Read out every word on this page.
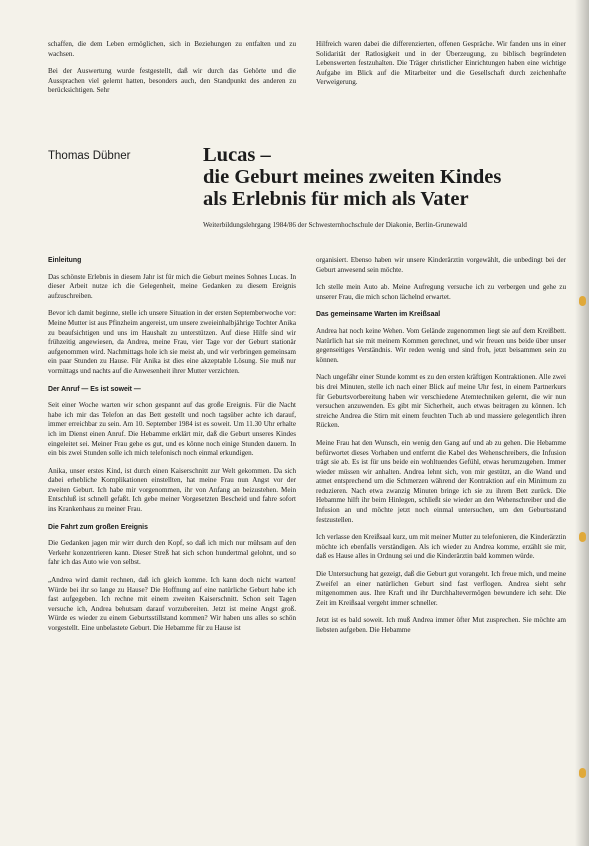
schaffen, die dem Leben ermöglichen, sich in Beziehungen zu entfalten und zu wachsen.

Bei der Auswertung wurde festgestellt, daß wir durch das Gehörte und die Aussprachen viel gelernt hatten, besonders auch, den Standpunkt des anderen zu berücksichtigen. Sehr

Hilfreich waren dabei die differenzierten, offenen Gespräche. Wir fanden uns in einer Solidarität der Ratlosigkeit und in der Überzeugung, zu biblisch begründeten Lebenswerten festzuhalten. Die Träger christlicher Einrichtungen haben eine wichtige Aufgabe im Blick auf die Mitarbeiter und die Gesellschaft durch zeichenhafte Verweigerung.

Thomas Dübner	Lucas –
die Geburt meines zweiten Kindes
als Erlebnis für mich als Vater
Weiterbildungslehrgang 1984/86 der Schwesternhochschule der Diakonie, Berlin-Grunewald
Einleitung

Das schönste Erlebnis in diesem Jahr ist für mich die Geburt meines Sohnes Lucas. In dieser Arbeit nutze ich die Gelegenheit, meine Gedanken zu diesem Ereignis aufzuschreiben.

Bevor ich damit beginne, stelle ich unsere Situation in der ersten Septemberwoche vor: Meine Mutter ist aus Pfinzheim angereist, um unsere zweieinhalbjährige Tochter Anika zu beaufsichtigen und uns im Haushalt zu unterstützen. Auf diese Hilfe sind wir frühzeitig angewiesen, da Andrea, meine Frau, vier Tage vor der Geburt stationär aufgenommen wird. Nachmittags hole ich sie meist ab, und wir verbringen gemeinsam ein paar Stunden zu Hause. Für Anika ist dies eine akzeptable Lösung. Sie muß nur vormittags und nachts auf die Anwesenheit ihrer Mutter verzichten.

Der Anruf — Es ist soweit —

Seit einer Woche warten wir schon gespannt auf das große Ereignis. Für die Nacht habe ich mir das Telefon an das Bett gestellt und noch tagsüber achte ich darauf, immer erreichbar zu sein. Am 10. September 1984 ist es soweit. Um 11.30 Uhr erhalte ich im Dienst einen Anruf. Die Hebamme erklärt mir, daß die Geburt unseres Kindes eingeleitet sei. Meiner Frau gehe es gut, und es könne noch einige Stunden dauern. In ein bis zwei Stunden solle ich mich telefonisch noch einmal erkundigen.

Anika, unser erstes Kind, ist durch einen Kaiserschnitt zur Welt gekommen. Da sich dabei erhebliche Komplikationen einstellten, hat meine Frau nun Angst vor der zweiten Geburt. Ich habe mir vorgenommen, ihr von Anfang an beizustehen. Mein Entschluß ist schnell gefaßt. Ich gebe meiner Vorgesetzten Bescheid und fahre sofort ins Krankenhaus zu meiner Frau.

Die Fahrt zum großen Ereignis

Die Gedanken jagen mir wirr durch den Kopf, so daß ich mich nur mühsam auf den Verkehr konzentrieren kann. Dieser Streß hat sich schon hundertmal gelohnt, und so fahr ich das Auto wie von selbst.

„Andrea wird damit rechnen, daß ich gleich komme. Ich kann doch nicht warten! Würde bei ihr so lange zu Hause? Die Hoffnung auf eine natürliche Geburt habe ich fast aufgegeben. Ich rechne mit einem zweiten Kaiserschnitt. Schon seit Tagen versuche ich, Andrea behutsam darauf vorzubereiten. Jetzt ist meine Angst groß. Würde es wieder zu einem Geburtsstillstand kommen? Wir haben uns alles so schön vorgestellt. Eine unbelastete Geburt. Die Hebamme für zu Hause ist

organisiert. Ebenso haben wir unsere Kinderärztin vorgewählt, die unbedingt bei der Geburt anwesend sein möchte.

Ich stelle mein Auto ab. Meine Aufregung versuche ich zu verbergen und gehe zu unserer Frau, die mich schon lächelnd erwartet.

Das gemeinsame Warten im Kreißsaal

Andrea hat noch keine Wehen. Vom Gelände zugenommen liegt sie auf dem Kreißbett. Natürlich hat sie mit meinem Kommen gerechnet, und wir freuen uns beide über unser gegenseitiges Verständnis. Wir reden wenig und sind froh, jetzt beisammen sein zu können.

Nach ungefähr einer Stunde kommt es zu den ersten kräftigen Kontraktionen. Alle zwei bis drei Minuten, stelle ich nach einer Blick auf meine Uhr fest, in einem Partnerkurs für Geburtsvorbereitung haben wir verschiedene Atemtechniken gelernt, die wir nun versuchen anzuwenden. Es gibt mir Sicherheit, auch etwas beitragen zu können. Ich streiche Andrea die Stirn mit einem feuchten Tuch ab und massiere gelegentlich ihren Rücken.

Meine Frau hat den Wunsch, ein wenig den Gang auf und ab zu gehen. Die Hebamme befürwortet dieses Vorhaben und entfernt die Kabel des Wehenschreibers, die Infusion trägt sie ab. Es ist für uns beide ein wohltuendes Gefühl, etwas herumzugehen. Immer wieder müssen wir anhalten. Andrea lehnt sich, von mir gestützt, an die Wand und atmet entsprechend um die Schmerzen während der Kontraktion auf ein Minimum zu reduzieren. Nach etwa zwanzig Minuten bringe ich sie zu ihrem Bett zurück. Die Hebamme hilft ihr beim Hinlegen, schließt sie wieder an den Wehenschreiber und die Infusion an und möchte jetzt noch einmal untersuchen, um den Geburtsstand festzustellen.

Ich verlasse den Kreißsaal kurz, um mit meiner Mutter zu telefonieren, die Kinderärztin möchte ich ebenfalls verständigen. Als ich wieder zu Andrea komme, erzählt sie mir, daß es Hause alles in Ordnung sei und die Kinderärztin bald kommen würde.

Die Untersuchung hat gezeigt, daß die Geburt gut vorangeht. Ich freue mich, und meine Zweifel an einer natürlichen Geburt sind fast verflogen. Andrea sieht sehr mitgenommen aus. Ihre Kraft und ihr Durchhaltevermögen bewundere ich sehr. Die Zeit im Kreißsaal vergeht immer schneller.

Jetzt ist es bald soweit. Ich muß Andrea immer öfter Mut zusprechen. Sie möchte am liebsten aufgeben. Die Hebamme
